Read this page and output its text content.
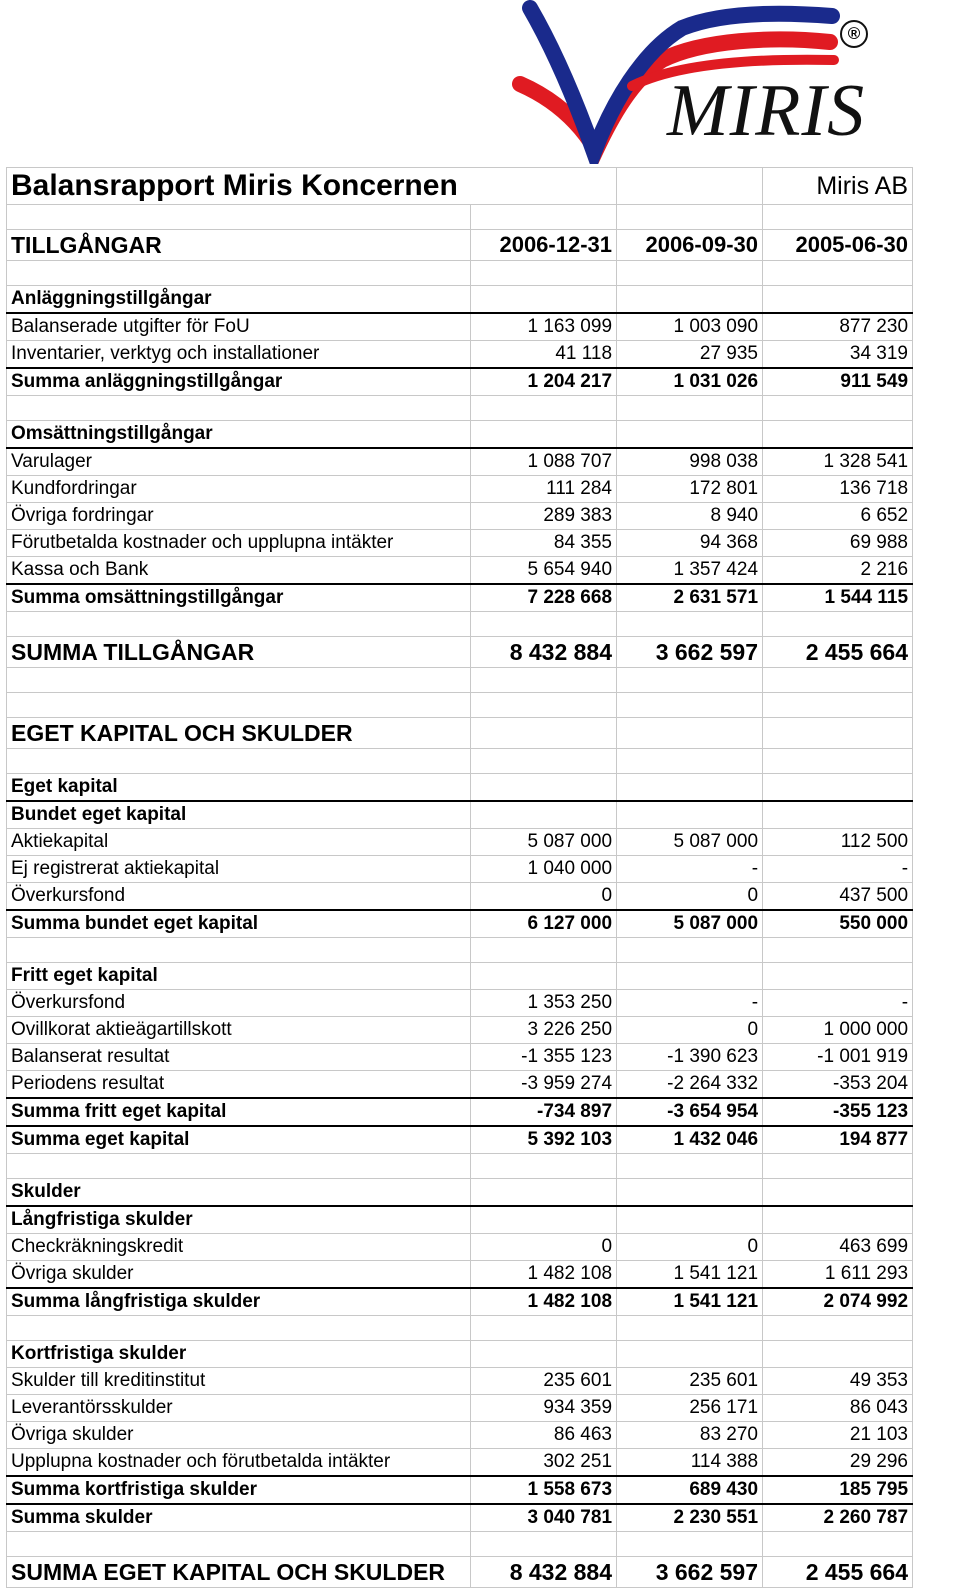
MIRIS
®
Balansrapport Miris Koncernen			Miris AB

TILLGÅNGAR	2006-12-31	2006-09-30	2005-06-30

Anläggningstillgångar			
Balanserade utgifter för FoU	1 163 099	1 003 090	877 230
Inventarier, verktyg och installationer	41 118	27 935	34 319
Summa anläggningstillgångar	1 204 217	1 031 026	911 549

Omsättningstillgångar			
Varulager	1 088 707	998 038	1 328 541
Kundfordringar	111 284	172 801	136 718
Övriga fordringar	289 383	8 940	6 652
Förutbetalda kostnader och upplupna intäkter	84 355	94 368	69 988
Kassa och Bank	5 654 940	1 357 424	2 216
Summa omsättningstillgångar	7 228 668	2 631 571	1 544 115

SUMMA TILLGÅNGAR	8 432 884	3 662 597	2 455 664

EGET KAPITAL OCH SKULDER			

Eget kapital			
Bundet eget kapital			
Aktiekapital	5 087 000	5 087 000	112 500
Ej registrerat aktiekapital	1 040 000	-	-
Överkursfond	0	0	437 500
Summa bundet eget kapital	6 127 000	5 087 000	550 000

Fritt eget kapital			
Överkursfond	1 353 250	-	-
Ovillkorat aktieägartillskott	3 226 250	0	1 000 000
Balanserat resultat	-1 355 123	-1 390 623	-1 001 919
Periodens resultat	-3 959 274	-2 264 332	-353 204
Summa fritt eget kapital	-734 897	-3 654 954	-355 123
Summa eget kapital	5 392 103	1 432 046	194 877

Skulder			
Långfristiga skulder			
Checkräkningskredit	0	0	463 699
Övriga skulder	1 482 108	1 541 121	1 611 293
Summa långfristiga skulder	1 482 108	1 541 121	2 074 992

Kortfristiga skulder			
Skulder till kreditinstitut	235 601	235 601	49 353
Leverantörsskulder	934 359	256 171	86 043
Övriga skulder	86 463	83 270	21 103
Upplupna kostnader och förutbetalda intäkter	302 251	114 388	29 296
Summa kortfristiga skulder	1 558 673	689 430	185 795
Summa skulder	3 040 781	2 230 551	2 260 787

SUMMA EGET KAPITAL OCH SKULDER	8 432 884	3 662 597	2 455 664
